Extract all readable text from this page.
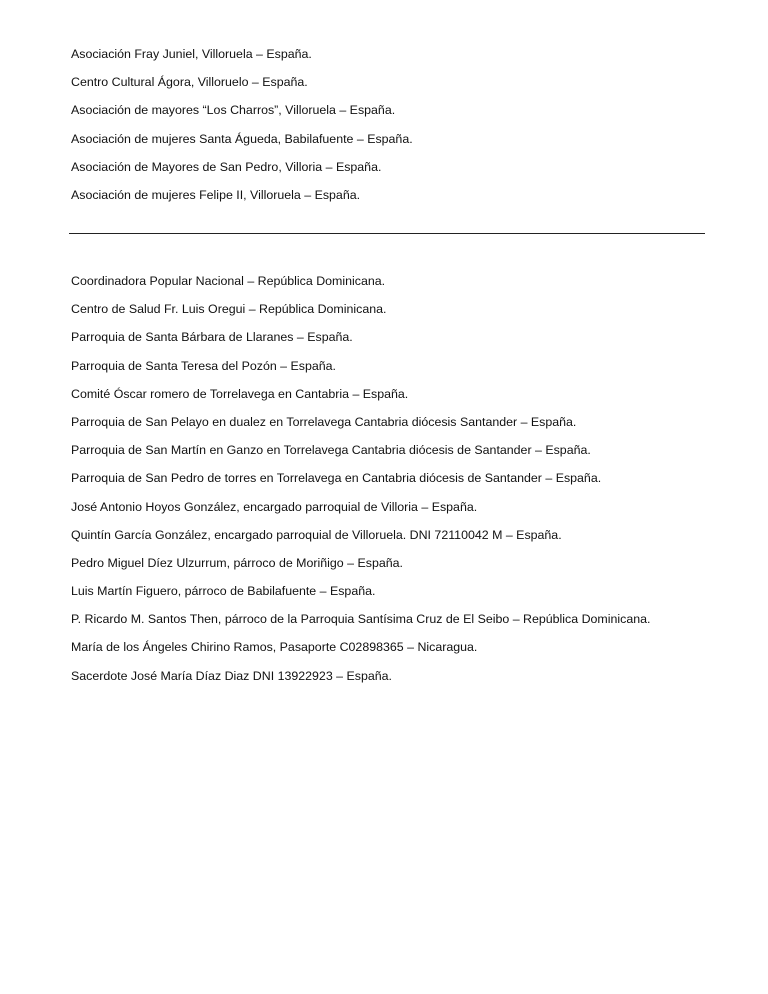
Asociación Fray Juniel, Villoruela – España.
Centro Cultural Ágora, Villoruelo – España.
Asociación de mayores “Los Charros”, Villoruela – España.
Asociación de mujeres Santa Águeda, Babilafuente – España.
Asociación de Mayores de San Pedro, Villoria – España.
Asociación de mujeres Felipe II, Villoruela – España.
Coordinadora Popular Nacional – República Dominicana.
Centro de Salud Fr. Luis Oregui – República Dominicana.
Parroquia de Santa Bárbara de Llaranes – España.
Parroquia de Santa Teresa del Pozón – España.
Comité Óscar romero de Torrelavega en Cantabria – España.
Parroquia de San Pelayo en dualez en Torrelavega Cantabria diócesis Santander – España.
Parroquia de San Martín en Ganzo en Torrelavega Cantabria diócesis de Santander – España.
Parroquia de San Pedro de torres en Torrelavega en Cantabria diócesis de Santander – España.
José Antonio Hoyos González, encargado parroquial de Villoria – España.
Quintín García González, encargado parroquial de Villoruela. DNI 72110042 M – España.
Pedro Miguel Díez Ulzurrum, párroco de Moriñigo – España.
Luis Martín Figuero, párroco de Babilafuente – España.
P. Ricardo M. Santos Then, párroco de la Parroquia Santísima Cruz de El Seibo – República Dominicana.
María de los Ángeles Chirino Ramos, Pasaporte C02898365 – Nicaragua.
Sacerdote José María Díaz Diaz DNI 13922923 – España.
